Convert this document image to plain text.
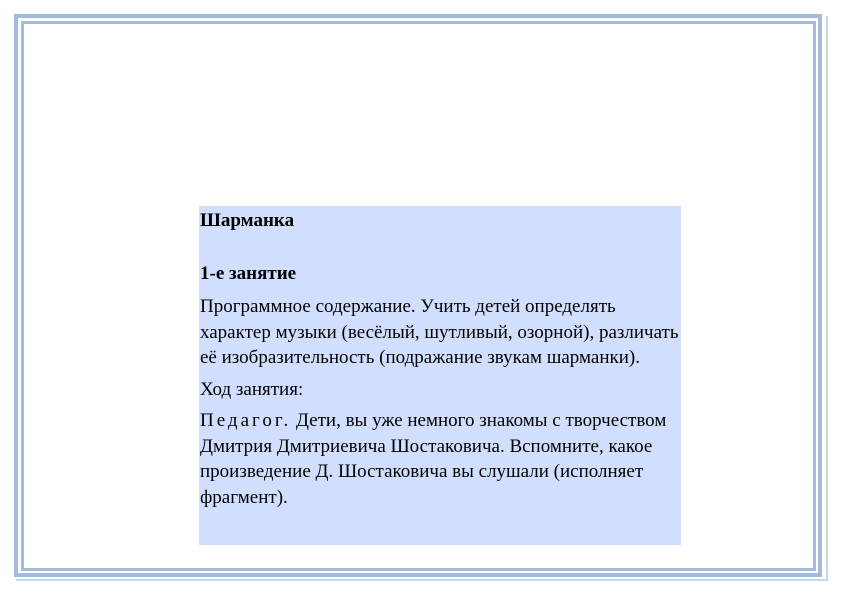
Шарманка

1-е занятие

Программное содержание. Учить детей определять характер музыки (весёлый, шутливый, озорной), различать её изобразительность (подражание звукам шарманки).

Ход занятия:

Педагог. Дети, вы уже немного знакомы с творчеством Дмитрия Дмитриевича Шостаковича. Вспомните, какое произведение Д. Шостаковича вы слушали (исполняет фрагмент).
